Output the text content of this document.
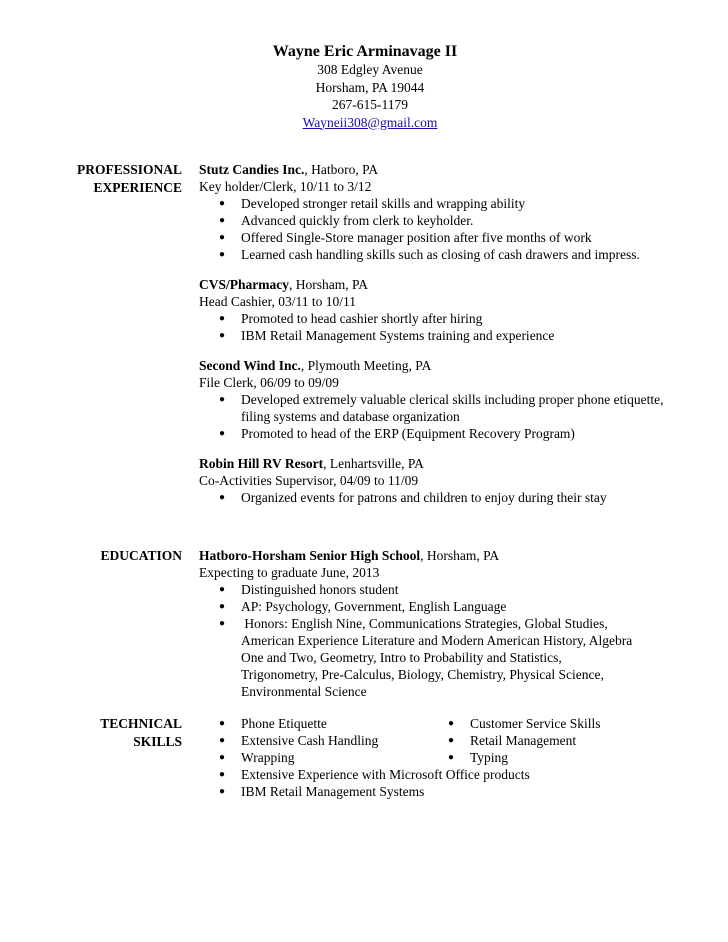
Wayne Eric Arminavage II
308 Edgley Avenue
Horsham, PA 19044
267-615-1179
Wayneii308@gmail.com
PROFESSIONAL
EXPERIENCE
Stutz Candies Inc., Hatboro, PA
Key holder/Clerk, 10/11 to 3/12
● Developed stronger retail skills and wrapping ability
● Advanced quickly from clerk to keyholder.
● Offered Single-Store manager position after five months of work
● Learned cash handling skills such as closing of cash drawers and impress.
CVS/Pharmacy, Horsham, PA
Head Cashier, 03/11 to 10/11
● Promoted to head cashier shortly after hiring
● IBM Retail Management Systems training and experience
Second Wind Inc., Plymouth Meeting, PA
File Clerk, 06/09 to 09/09
● Developed extremely valuable clerical skills including proper phone etiquette, filing systems and database organization
● Promoted to head of the ERP (Equipment Recovery Program)
Robin Hill RV Resort, Lenhartsville, PA
Co-Activities Supervisor, 04/09 to 11/09
● Organized events for patrons and children to enjoy during their stay
EDUCATION Hatboro-Horsham Senior High School, Horsham, PA
Expecting to graduate June, 2013
● Distinguished honors student
● AP: Psychology, Government, English Language
●  Honors: English Nine, Communications Strategies, Global Studies, American Experience Literature and Modern American History, Algebra One and Two, Geometry, Intro to Probability and Statistics, Trigonometry, Pre-Calculus, Biology, Chemistry, Physical Science, Environmental Science
TECHNICAL
SKILLS
● Phone Etiquette
● Extensive Cash Handling
● Wrapping
● Customer Service Skills
● Retail Management
● Typing
● Extensive Experience with Microsoft Office products
● IBM Retail Management Systems
